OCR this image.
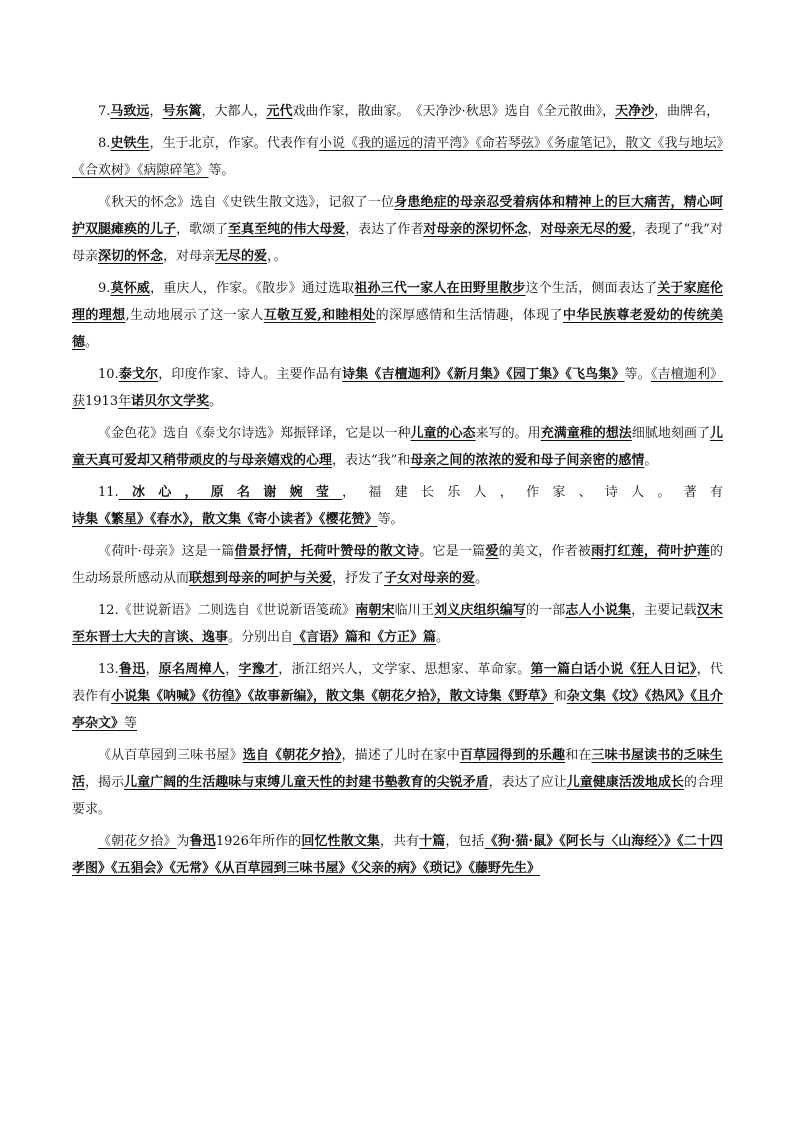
7.马致远，号东篱，大都人，元代戏曲作家，散曲家。　《天净沙·秋思》选自《全元散曲》，天净沙，曲牌名，

8.史铁生，生于北京，作家。代表作有小说《我的遥远的清平湾》《命若琴弦》《务虚笔记》，散文《我与地坛》《合欢树》《病隙碎笔》等。

《秋天的怀念》选自《史铁生散文选》，记叙了一位身患绝症的母亲忍受着病体和精神上的巨大痛苦，精心呵护双腿瘫痪的儿子，歌颂了至真至纯的伟大母爱，表达了作者对母亲的深切怀念，对母亲无尽的爱，表现了“我”对母亲深切的怀念，对母亲无尽的爱，。

9.莫怀威，重庆人，作家。《散步》通过选取祖孙三代一家人在田野里散步这个生活，侧面表达了关于家庭伦理的理想,生动地展示了这一家人互敬互爱,和睦相处的深厚感情和生活情趣，体现了中华民族尊老爱幼的传统美德。

10.泰戈尔，印度作家、诗人。主要作品有诗集《吉檀迦利》《新月集》《园丁集》《飞鸟集》等。《吉檀迦利》获1913年诺贝尔文学奖。

《金色花》选自《泰戈尔诗选》郑振铎译，它是以一种儿童的心态来写的。用充满童稚的想法细腻地刻画了儿童天真可爱却又稍带顽皮的与母亲嬉戏的心理，表达“我”和母亲之间的浓浓的爱和母子间亲密的感情。

11.冰心，原名谢婉莹，福建长乐人，作家、诗人。著有诗集《繁星》《春水》，散文集《寄小读者》《樱花赞》等。

《荷叶·母亲》这是一篇借景抒情，托荷叶赞母的散文诗。它是一篇爱的美文，作者被雨打红莲，荷叶护莲的生动场景所感动从而联想到母亲的呵护与关爱，抒发了子女对母亲的爱。

12.《世说新语》二则选自《世说新语笺疏》南朝宋临川王刘义庆组织编写的一部志人小说集，主要记载汉末至东晋士大夫的言谈、逸事。分别出自《言语》篇和《方正》篇。

13.鲁迅，原名周樟人，字豫才，浙江绍兴人，文学家、思想家、革命家。第一篇白话小说《狂人日记》，代表作有小说集《呐喊》《彷徨》《故事新编》，散文集《朝花夕拾》，散文诗集《野草》和杂文集《坟》《热风》《且介亭杂文》等

《从百草园到三味书屋》选自《朝花夕拾》，描述了儿时在家中百草园得到的乐趣和在三味书屋读书的乏味生活，揭示儿童广阔的生活趣味与束缚儿童天性的封建书塾教育的尖锐矛盾，表达了应让儿童健康活泼地成长的合理要求。

《朝花夕拾》为鲁迅1926年所作的回忆性散文集，共有十篇，包括《狗·猫·鼠》《阿长与〈山海经〉》《二十四孝图》《五猖会》《无常》《从百草园到三味书屋》《父亲的病》《琐记》《藤野先生》
